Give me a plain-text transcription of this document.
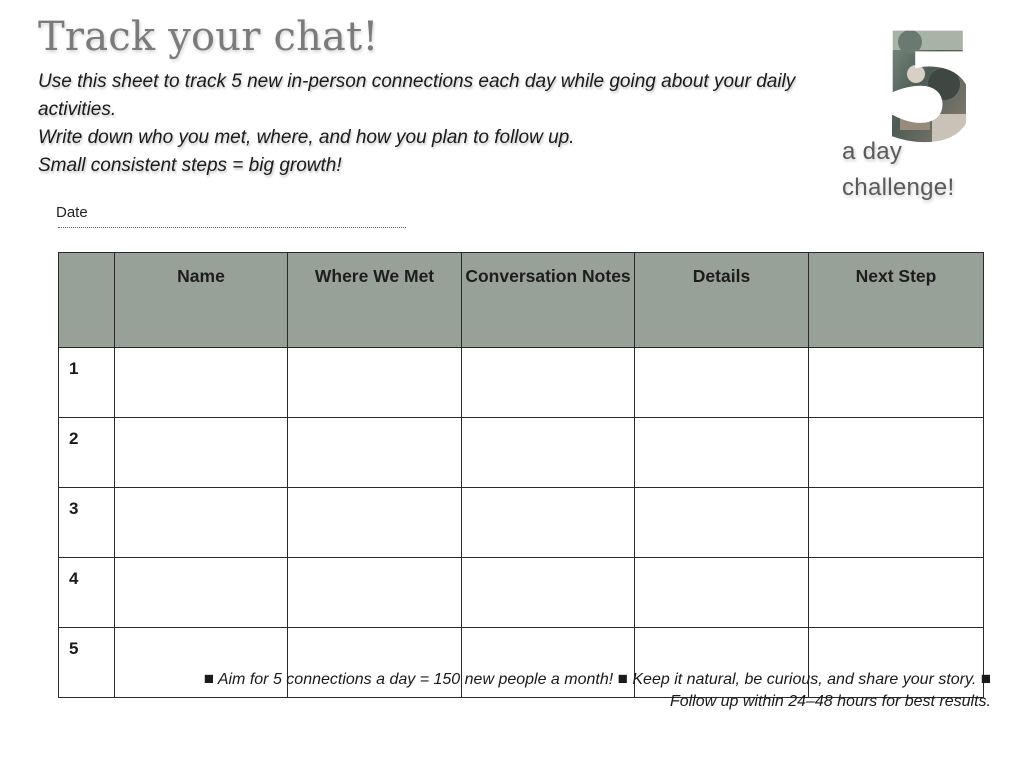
Track your chat!
Use this sheet to track 5 new in-person connections each day while going about your daily activities.
Write down who you met, where, and how you plan to follow up.
Small consistent steps = big growth!
a day
challenge!
Date
	Name	Where We Met	Conversation Notes	Details	Next Step
1					
2					
3					
4					
5					
■ Aim for 5 connections a day = 150 new people a month! ■ Keep it natural, be curious, and share your story. ■ Follow up within 24–48 hours for best results.
